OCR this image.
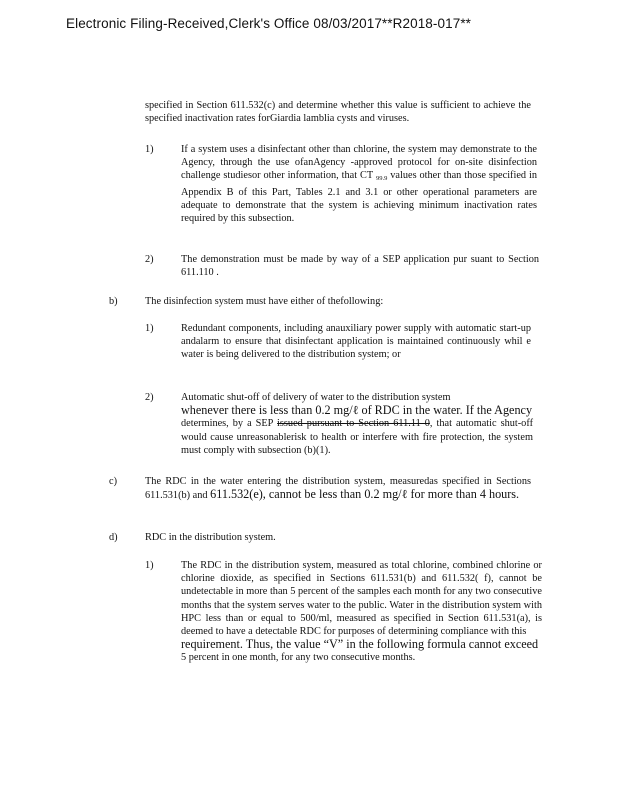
Electronic Filing-Received,Clerk's Office 08/03/2017**R2018-017**
specified in Section 611.532(c) and determine whether this value is sufficient to achieve the specified inactivation rates forGiardia lamblia cysts and viruses.
1)	If a system uses a disinfectant other than chlorine, the system may demonstrate to the Agency, through the use ofanAgency -approved protocol for on-site disinfection challenge studiesor other information, that CT $_{99.9}$ values other than those specified in Appendix B of this Part, Tables 2.1 and 3.1 or other operational parameters are adequate to demonstrate that the system is achieving minimum inactivation rates required by this subsection.
2)	The demonstration must be made by way of a SEP application pur suant to Section 611.110 .
b)	The disinfection system must have either of thefollowing:
1)	Redundant components, including anauxiliary power supply with automatic start-up andalarm to ensure that disinfectant application is maintained continuously whil e water is being delivered to the distribution system; or
2)	Automatic shut-off of delivery of water to the distribution system
whenever there is less than 0.2 mg/ℓ of RDC in the water. If the Agency
determines, by a SEP issued pursuant to Section 611.11 0, that automatic shut-off would cause unreasonablerisk to health or interfere with fire protection, the system must comply with subsection (b)(1).
c)	The RDC in the water entering the distribution system, measuredas specified in Sections 611.531(b) and 611.532(e), cannot be less than 0.2 mg/ℓ for more than 4 hours.
d)	RDC in the distribution system.
1)	The RDC in the distribution system, measured as total chlorine, combined chlorine or chlorine dioxide, as specified in Sections 611.531(b) and 611.532( f), cannot be undetectable in more than 5 percent of the samples each month for any two consecutive months that the system serves water to the public. Water in the distribution system with HPC less than or equal to 500/ml, measured as specified in Section 611.531(a), is deemed to have a detectable RDC for purposes of determining compliance with this
requirement. Thus, the value “V” in the following formula cannot exceed
5 percent in one month, for any two consecutive months.
